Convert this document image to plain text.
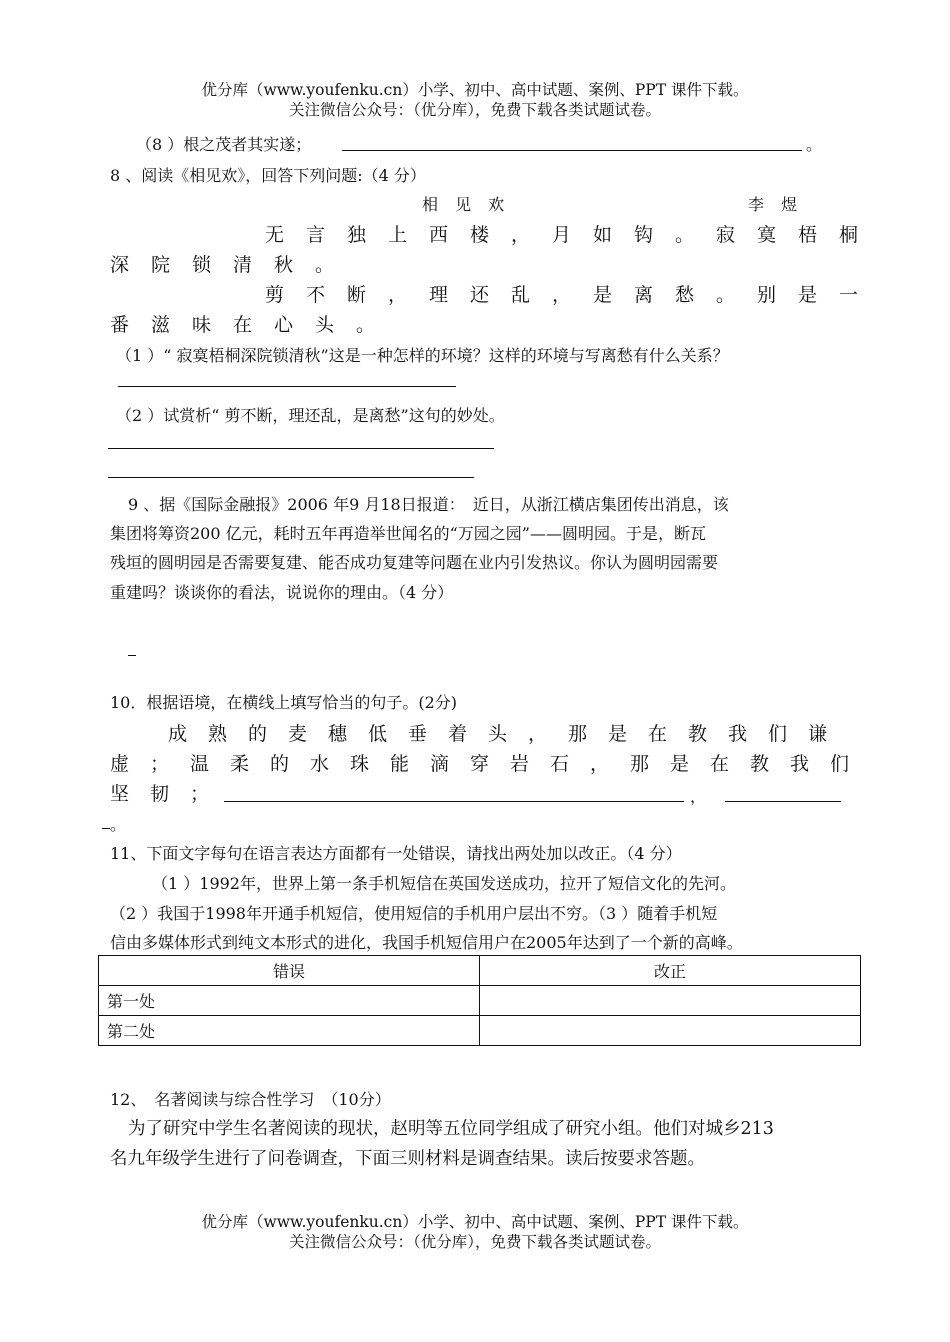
优分库（www.youfenku.cn）小学、初中、高中试题、案例、PPT 课件下载。
关注微信公众号：（优分库），免费下载各类试题试卷。
（8 ）根之茂者其实遂；	。
8 、阅读《相见欢》，回答下列问题:（4 分）
相 见 欢	李 煜
无言独上西楼，月如钩。寂寞梧桐
深院锁清秋。
剪不断，理还乱，是离愁。别是一
番滋味在心头。
（1 ）“ 寂寞梧桐深院锁清秋”这是一种怎样的环境？这样的环境与写离愁有什么关系？
（2 ）试赏析“ 剪不断，理还乱，是离愁”这句的妙处。
9 、据《国际金融报》2006 年9 月18日报道：　近日，从浙江横店集团传出消息，该
集团将筹资200 亿元，耗时五年再造举世闻名的“万园之园”——圆明园。于是，断瓦
残垣的圆明园是否需要复建、能否成功复建等问题在业内引发热议。你认为圆明园需要
重建吗？谈谈你的看法，说说你的理由。（4 分）
10．根据语境，在横线上填写恰当的句子。(2分)
成熟的麦穗低垂着头，那是在教我们谦
虚；温柔的水珠能滴穿岩石，那是在教我们
坚韧；	，
。
11、下面文字每句在语言表达方面都有一处错误，请找出两处加以改正。（4 分）
（1 ）1992年，世界上第一条手机短信在英国发送成功，拉开了短信文化的先河。
（2 ）我国于1998年开通手机短信，使用短信的手机用户层出不穷。（3 ）随着手机短
信由多媒体形式到纯文本形式的进化，我国手机短信用户在2005年达到了一个新的高峰。
错误	改正
第一处	
第二处	
12、　名著阅读与综合性学习　（10分）
为了研究中学生名著阅读的现状，赵明等五位同学组成了研究小组。他们对城乡213
名九年级学生进行了问卷调查，下面三则材料是调查结果。读后按要求答题。
优分库（www.youfenku.cn）小学、初中、高中试题、案例、PPT 课件下载。
关注微信公众号：（优分库），免费下载各类试题试卷。
